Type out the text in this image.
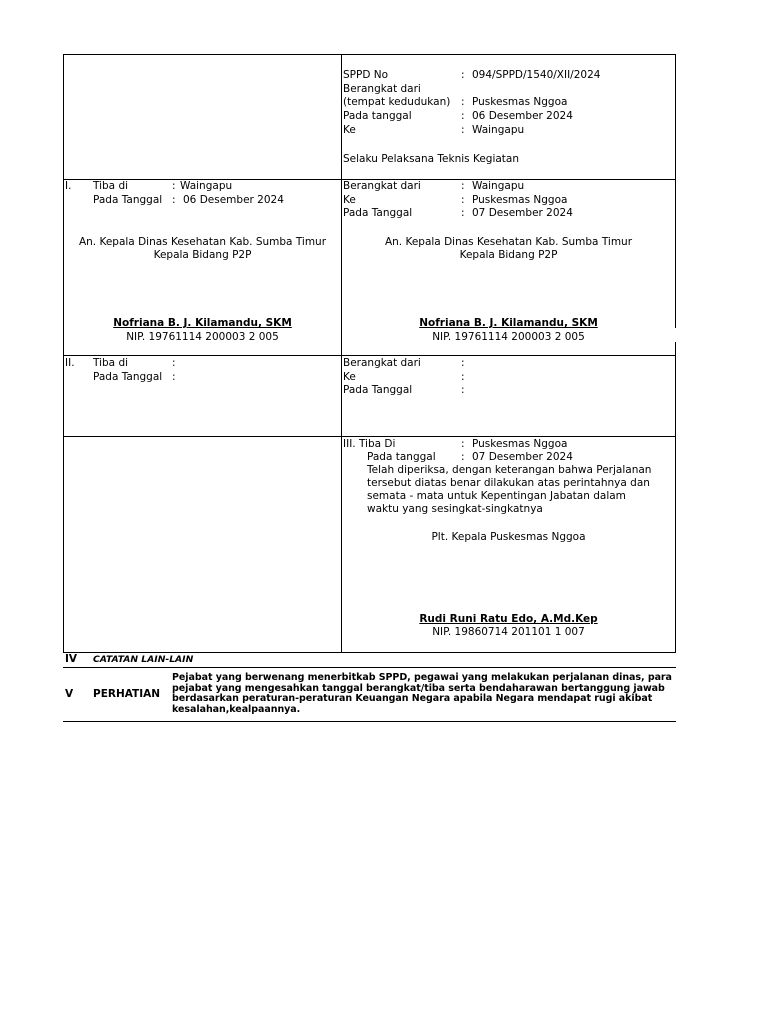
SPPD No	: 094/SPPD/1540/XII/2024
Berangkat dari
(tempat kedudukan) : Puskesmas Nggoa
Pada tanggal	: 06 Desember 2024
Ke	: Waingapu
Selaku Pelaksana Teknis Kegiatan
I. Tiba di	: Waingapu
Pada Tanggal : 06 Desember 2024
Berangkat dari	: Waingapu
Ke	: Puskesmas Nggoa
Pada Tanggal	: 07 Desember 2024
An. Kepala Dinas Kesehatan Kab. Sumba Timur
Kepala Bidang P2P
Nofriana B. J. Kilamandu, SKM
NIP. 19761114 200003 2 005
An. Kepala Dinas Kesehatan Kab. Sumba Timur
Kepala Bidang P2P
Nofriana B. J. Kilamandu, SKM
NIP. 19761114 200003 2 005
II. Tiba di	:
Pada Tanggal :
Berangkat dari	:
Ke	:
Pada Tanggal	:
III. Tiba Di	: Puskesmas Nggoa
Pada tanggal : 07 Desember 2024
Telah diperiksa, dengan keterangan bahwa Perjalanan
tersebut diatas benar dilakukan atas perintahnya dan
semata - mata untuk Kepentingan Jabatan dalam
waktu yang sesingkat-singkatnya
Plt. Kepala Puskesmas Nggoa
Rudi Runi Ratu Edo, A.Md.Kep
NIP. 19860714 201101 1 007
IV CATATAN LAIN-LAIN
V PERHATIAN
Pejabat yang berwenang menerbitkab SPPD, pegawai yang melakukan perjalanan dinas, para pejabat yang mengesahkan tanggal berangkat/tiba serta bendaharawan bertanggung jawab berdasarkan peraturan-peraturan Keuangan Negara apabila Negara mendapat rugi akibat kesalahan,kealpaannya.
